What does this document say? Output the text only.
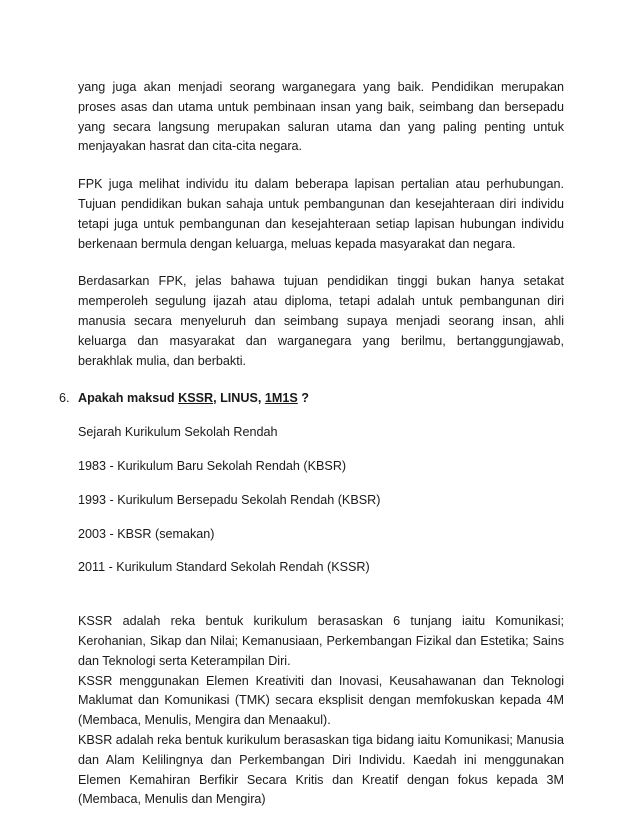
yang juga akan menjadi seorang warganegara yang baik. Pendidikan merupakan proses asas dan utama untuk pembinaan insan yang baik, seimbang dan bersepadu yang secara langsung merupakan saluran utama dan yang paling penting untuk menjayakan hasrat dan cita-cita negara.

FPK juga melihat individu itu dalam beberapa lapisan pertalian atau perhubungan. Tujuan pendidikan bukan sahaja untuk pembangunan dan kesejahteraan diri individu tetapi juga untuk pembangunan dan kesejahteraan setiap lapisan hubungan individu berkenaan bermula dengan keluarga, meluas kepada masyarakat dan negara.

Berdasarkan FPK, jelas bahawa tujuan pendidikan tinggi bukan hanya setakat memperoleh segulung ijazah atau diploma, tetapi adalah untuk pembangunan diri manusia secara menyeluruh dan seimbang supaya menjadi seorang insan, ahli keluarga dan masyarakat dan warganegara yang berilmu, bertanggungjawab, berakhlak mulia, dan berbakti.

6. Apakah maksud KSSR, LINUS, 1M1S ?
Sejarah Kurikulum Sekolah Rendah
1983 - Kurikulum Baru Sekolah Rendah (KBSR)
1993 - Kurikulum Bersepadu Sekolah Rendah (KBSR)
2003 - KBSR (semakan)
2011 - Kurikulum Standard Sekolah Rendah (KSSR)

KSSR adalah reka bentuk kurikulum berasaskan 6 tunjang iaitu Komunikasi; Kerohanian, Sikap dan Nilai; Kemanusiaan, Perkembangan Fizikal dan Estetika; Sains dan Teknologi serta Keterampilan Diri.

KSSR menggunakan Elemen Kreativiti dan Inovasi, Keusahawanan dan Teknologi Maklumat dan Komunikasi (TMK) secara eksplisit dengan memfokuskan kepada 4M (Membaca, Menulis, Mengira dan Menaakul).

KBSR adalah reka bentuk kurikulum berasaskan tiga bidang iaitu Komunikasi; Manusia dan Alam Kelilingnya dan Perkembangan Diri Individu. Kaedah ini menggunakan Elemen Kemahiran Berfikir Secara Kritis dan Kreatif dengan fokus kepada 3M (Membaca, Menulis dan Mengira)
